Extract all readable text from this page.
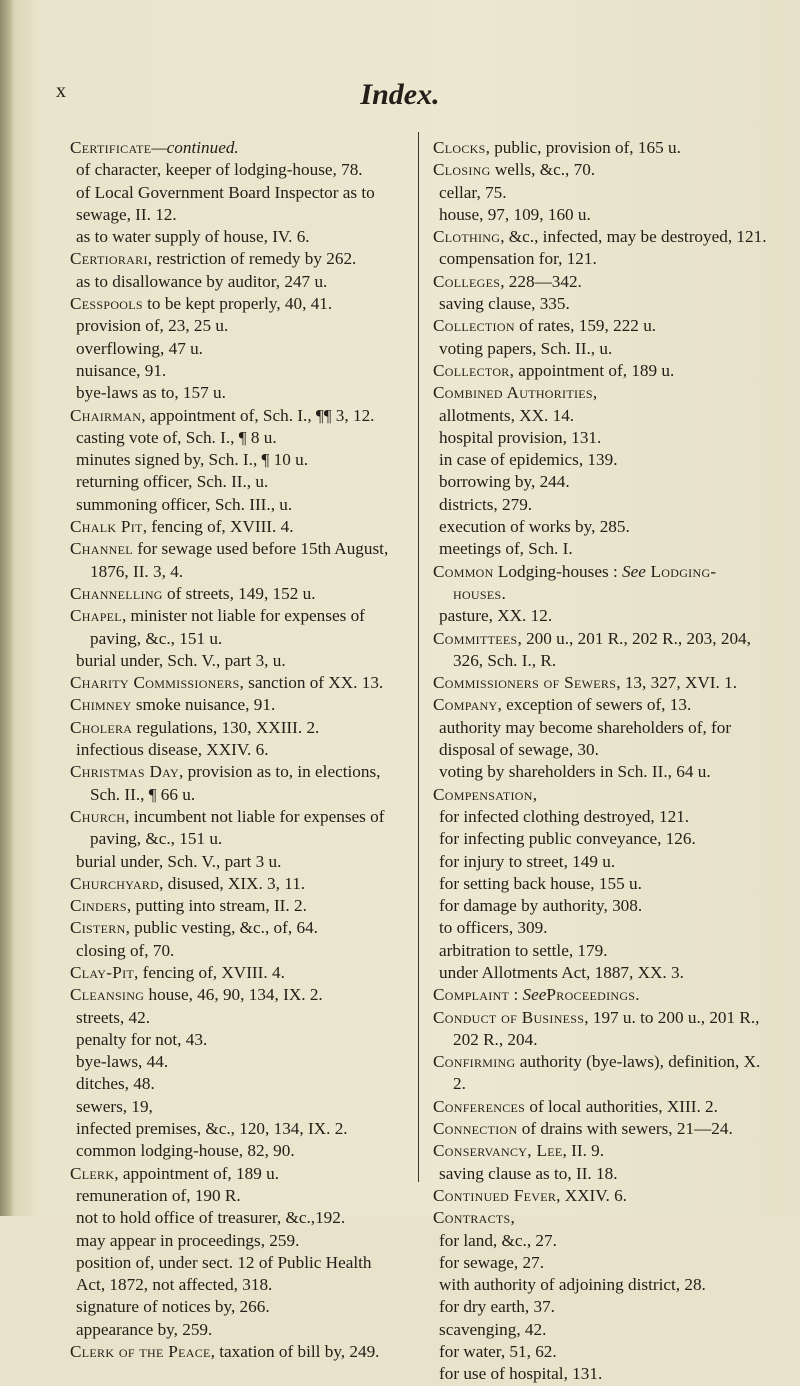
x	Index.

Certificate—continued.

of character, keeper of lodging-house, 78.

of Local Government Board Inspector as to sewage, II. 12.

as to water supply of house, IV. 6.

Certiorari, restriction of remedy by 262.

as to disallowance by auditor, 247 u.

Cesspools to be kept properly, 40, 41.

provision of, 23, 25 u.

overflowing, 47 u.

nuisance, 91.

bye-laws as to, 157 u.

Chairman, appointment of, Sch. I., ¶¶ 3, 12.

casting vote of, Sch. I., ¶ 8 u.

minutes signed by, Sch. I., ¶ 10 u.

returning officer, Sch. II., u.

summoning officer, Sch. III., u.

Chalk Pit, fencing of, XVIII. 4.

Channel for sewage used before 15th August, 1876, II. 3, 4.

Channelling of streets, 149, 152 u.

Chapel, minister not liable for expenses of paving, &c., 151 u.

burial under, Sch. V., part 3, u.

Charity Commissioners, sanction of XX. 13.

Chimney smoke nuisance, 91.

Cholera regulations, 130, XXIII. 2.

infectious disease, XXIV. 6.

Christmas Day, provision as to, in elections, Sch. II., ¶ 66 u.

Church, incumbent not liable for expenses of paving, &c., 151 u.

burial under, Sch. V., part 3 u.

Churchyard, disused, XIX. 3, 11.

Cinders, putting into stream, II. 2.

Cistern, public vesting, &c., of, 64.

closing of, 70.

Clay-Pit, fencing of, XVIII. 4.

Cleansing house, 46, 90, 134, IX. 2.

streets, 42.

penalty for not, 43.

bye-laws, 44.

ditches, 48.

sewers, 19,

infected premises, &c., 120, 134, IX. 2.

common lodging-house, 82, 90.

Clerk, appointment of, 189 u.

remuneration of, 190 R.

not to hold office of treasurer, &c.,192.

may appear in proceedings, 259.

position of, under sect. 12 of Public Health Act, 1872, not affected, 318.

signature of notices by, 266.

appearance by, 259.

Clerk of the Peace, taxation of bill by, 249.

Clocks, public, provision of, 165 u.

Closing wells, &c., 70.

cellar, 75.

house, 97, 109, 160 u.

Clothing, &c., infected, may be destroyed, 121.

compensation for, 121.

Colleges, 228—342.

saving clause, 335.

Collection of rates, 159, 222 u.

voting papers, Sch. II., u.

Collector, appointment of, 189 u.

Combined Authorities,

allotments, XX. 14.

hospital provision, 131.

in case of epidemics, 139.

borrowing by, 244.

districts, 279.

execution of works by, 285.

meetings of, Sch. I.

Common Lodging-houses : See Lodging-houses.

pasture, XX. 12.

Committees, 200 u., 201 R., 202 R., 203, 204, 326, Sch. I., R.

Commissioners of Sewers, 13, 327, XVI. 1.

Company, exception of sewers of, 13.

authority may become shareholders of, for disposal of sewage, 30.

voting by shareholders in Sch. II., 64 u.

Compensation,

for infected clothing destroyed, 121.

for infecting public conveyance, 126.

for injury to street, 149 u.

for setting back house, 155 u.

for damage by authority, 308.

to officers, 309.

arbitration to settle, 179.

under Allotments Act, 1887, XX. 3.

Complaint : SeeProceedings.

Conduct of Business, 197 u. to 200 u., 201 R., 202 R., 204.

Confirming authority (bye-laws), definition, X. 2.

Conferences of local authorities, XIII. 2.

Connection of drains with sewers, 21—24.

Conservancy, Lee, II. 9.

saving clause as to, II. 18.

Continued Fever, XXIV. 6.

Contracts,

for land, &c., 27.

for sewage, 27.

with authority of adjoining district, 28.

for dry earth, 37.

scavenging, 42.

for water, 51, 62.

for use of hospital, 131.
